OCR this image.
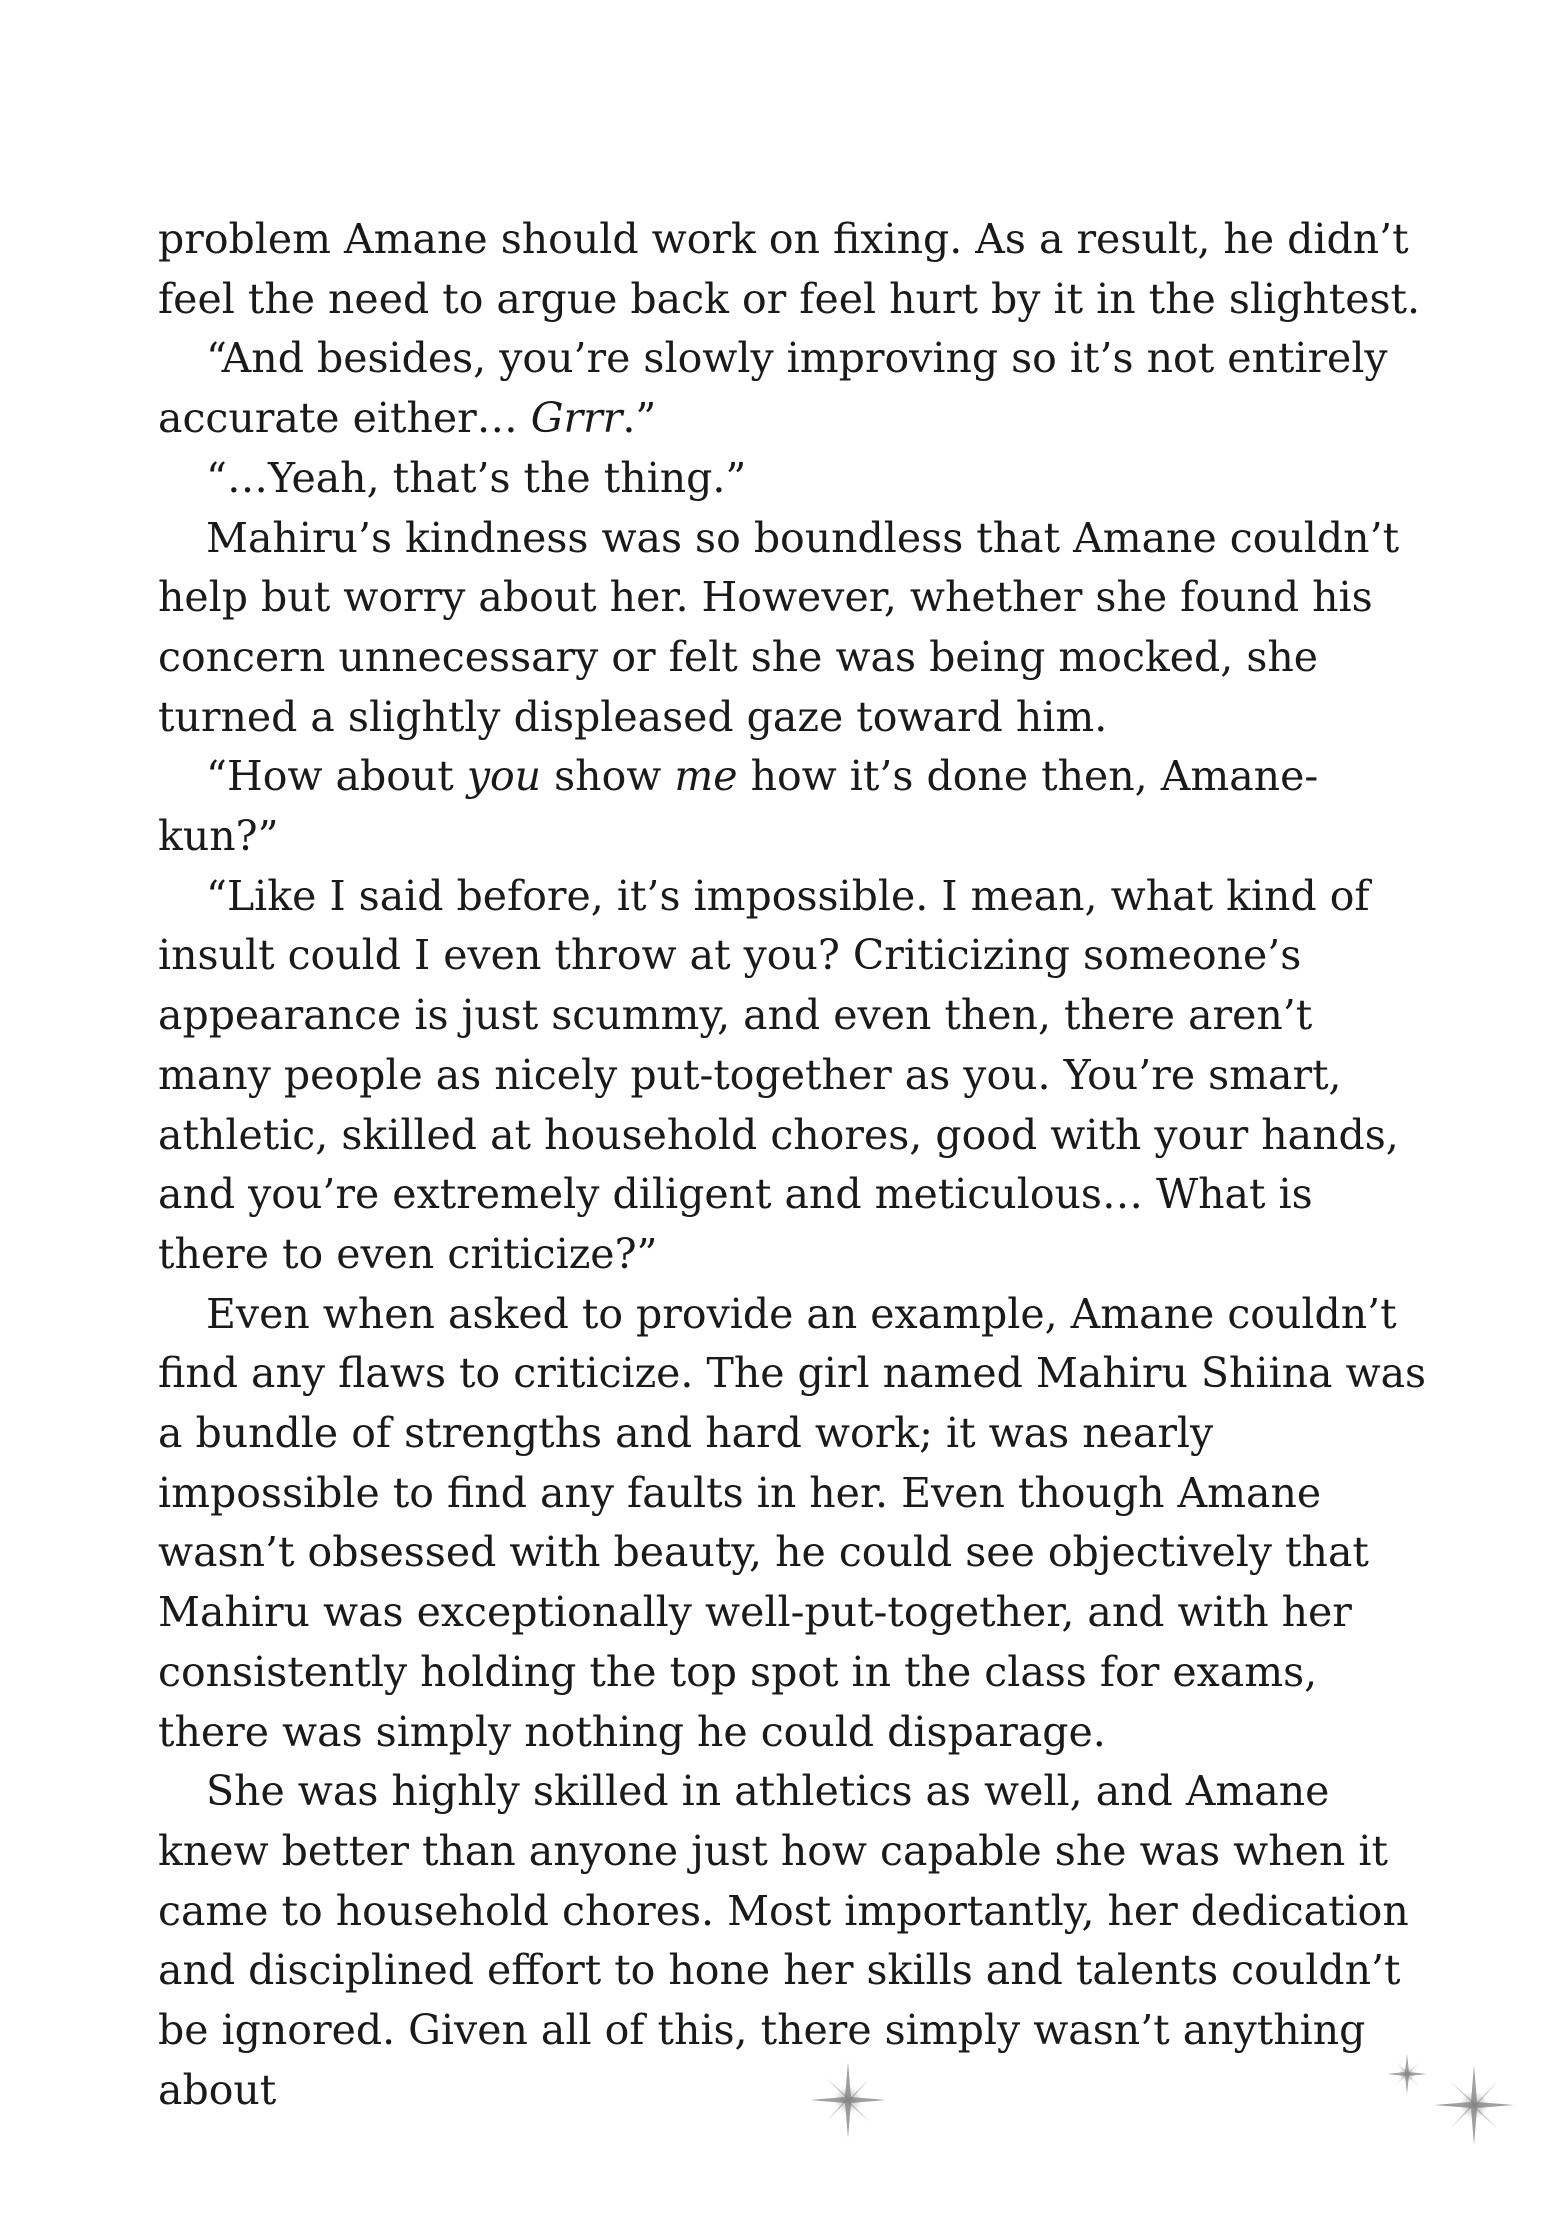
problem Amane should work on fixing. As a result, he didn’t feel the need to argue back or feel hurt by it in the slightest.

“And besides, you’re slowly improving so it’s not entirely accurate either… Grrr.”

“…Yeah, that’s the thing.”

Mahiru’s kindness was so boundless that Amane couldn’t help but worry about her. However, whether she found his concern unnecessary or felt she was being mocked, she turned a slightly displeased gaze toward him.

“How about you show me how it’s done then, Amane-kun?”

“Like I said before, it’s impossible. I mean, what kind of insult could I even throw at you? Criticizing someone’s appearance is just scummy, and even then, there aren’t many people as nicely put-together as you. You’re smart, athletic, skilled at household chores, good with your hands, and you’re extremely diligent and meticulous… What is there to even criticize?”

Even when asked to provide an example, Amane couldn’t find any flaws to criticize. The girl named Mahiru Shiina was a bundle of strengths and hard work; it was nearly impossible to find any faults in her. Even though Amane wasn’t obsessed with beauty, he could see objectively that Mahiru was exceptionally well-put-together, and with her consistently holding the top spot in the class for exams, there was simply nothing he could disparage.

She was highly skilled in athletics as well, and Amane knew better than anyone just how capable she was when it came to household chores. Most importantly, her dedication and disciplined effort to hone her skills and talents couldn’t be ignored. Given all of this, there simply wasn’t anything about
